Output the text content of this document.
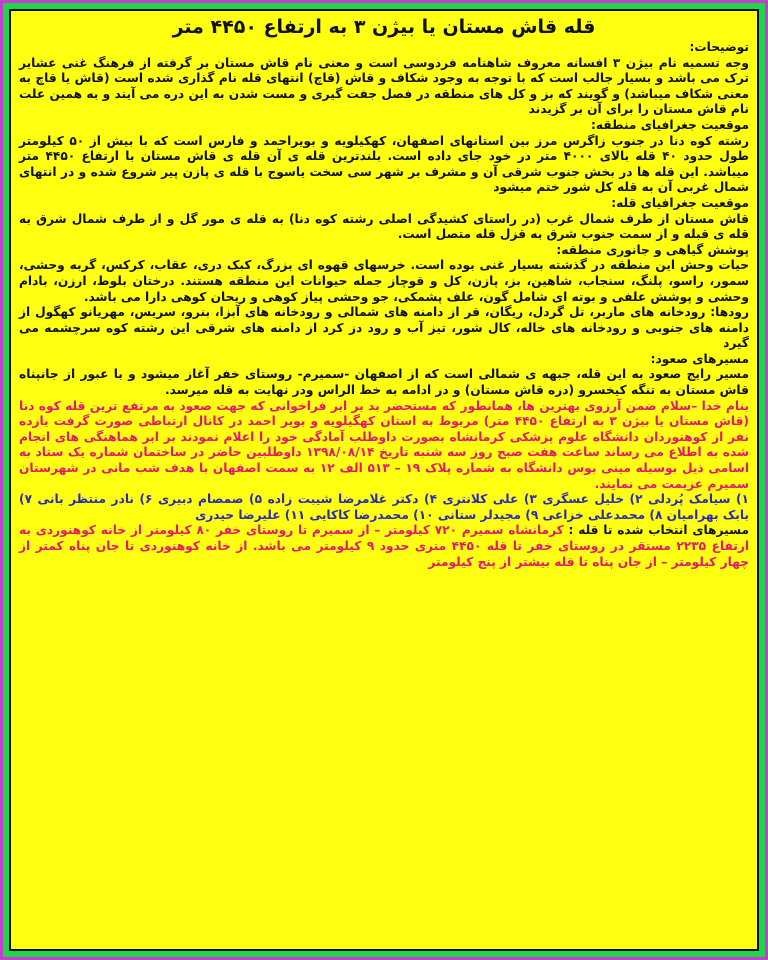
قله قاش مستان یا بیژن ۳ به ارتفاع ۴۴۵۰ متر

توضیحات:

وجه تسمیه نام بیژن ۳ افسانه معروف شاهنامه فردوسی است و معنی نام قاش مستان بر گرفته از فرهنگ غنی عشایر ترک می باشد و بسیار جالب است که با توجه به وجود شکاف و قاش (قاچ) انتهای قله نام گذاری شده است (قاش یا قاچ به معنی شکاف میباشد) و گویند که بز و کل های منطقه در فصل جفت گیری و مست شدن به این دره می آیند و به همین علت نام قاش مستان را برای آن بر گزیدند

موقعیت جغرافیای منطقه:

رشته کوه دنا در جنوب زاگرس مرز بین استانهای اصفهان، کهکیلویه و بویراحمد و فارس است که با بیش از ۵۰ کیلومتر طول حدود ۴۰ قله بالای ۴۰۰۰ متر در خود جای داده است. بلندترین قله ی آن قله ی قاش مستان با ارتفاع ۴۴۵۰ متر میباشد. این قله ها در بخش جنوب شرقی آن و مشرف بر شهر سی سخت یاسوج با قله ی پازن پیر شروع شده و در انتهای شمال غربی آن به قله کل شور ختم میشود

موقعیت جغرافیای قله:

قاش مستان از طرف شمال غرب (در راستای کشیدگی اصلی رشته کوه دنا) به قله ی مور گل و از طرف شمال شرق به قله ی قبله و از سمت جنوب شرق به قزل قله متصل است.

پوشش گیاهی و جانوری منطقه:

حیات وحش این منطقه در گذشته بسیار غنی بوده است. خرسهای قهوه ای بزرگ، کبک دری، عقاب، کرکس، گربه وحشی، سمور، راسو، پلنگ، سنجاب، شاهین، بز، پازن، کل و قوچاز جمله حیوانات این منطقه هستند. درختان بلوط، ارزن، بادام وحشی و پوشش علفی و بوته ای شامل گون، علف پشمکی، جو وحشی پیاز کوهی و ریحان کوهی دارا می باشد.

رودها: رودخانه های ماربر، تل گردل، ریگان، قر از دامنه های شمالی و رودخانه های آبزا، بنرو، سریس، مهریانو کهگول از دامنه های جنوبی و رودخانه های خاله، کال شور، تیز آب و رود دز کرد از دامنه های شرقی این رشته کوه سرچشمه می گیرد

مسیرهای صعود:

مسیر رایج صعود به این قله، جبهه ی شمالی است که از اصفهان -سمیرم- روستای خفر آغاز میشود و با عبور از جانپناه قاش مستان به تنگه کیخسرو (دره قاش مستان) و در ادامه به خط الراس ودر نهایت به قله میرسد.

بنام خدا –سلام ضمن آرزوی بهترین ها، همانطور که مستحضر بد بر ابر فراخوانی که جهت صعود به مرتفع ترین قله کوه دنا (قاش مستان یا بیژن ۳ به ارتفاع ۴۴۵۰ متر) مربوط به استان کهگیلویه و بویر احمد در کانال ارتباطی صورت گرفت یازده نفر از کوهنوردان دانشگاه علوم پزشکی کرمانشاه بصورت داوطلب آمادگی خود را اعلام نمودند بر ابر هماهنگی های انجام شده به اطلاع می رساند ساعت هفت صبح روز سه شنبه تاریخ ۱۳۹۸/۰۸/۱۴ داوطلبین حاضر در ساختمان شماره یک ستاد به اسامی ذیل بوسیله مینی بوس دانشگاه به شماره پلاک ۱۹ – ۵۱۳ الف ۱۲ به سمت اصفهان با هدف شب مانی در شهرستان سمیرم عزیمت می نمایند.

۱) سیامک پُردلی ۲) خلیل عسگری ۳) علی کلانتری ۴) دکتر غلامرضا شیبت زاده ۵) صمصام دبیری ۶) نادر منتظر بانی ۷) بابک بهرامیان ۸) محمدعلی خزاعی ۹) مجیدلر ستانی ۱۰) محمدرضا کاکایی ۱۱) علیرضا حیدری

مسیرهای انتخاب شده تا قله : کرمانشاه سمیرم ۷۲۰ کیلومتر – از سمیرم تا روستای خفر ۸۰ کیلومتر از خانه کوهنوردی به ارتفاع ۲۲۳۵ مستقر در روستای خفر تا قله ۴۴۵۰ متری حدود ۹ کیلومتر می باشد. از خانه کوهنوردی تا جان پناه کمتر از چهار کیلومتر – از جان پناه تا قله بیشتر از پنج کیلومتر
